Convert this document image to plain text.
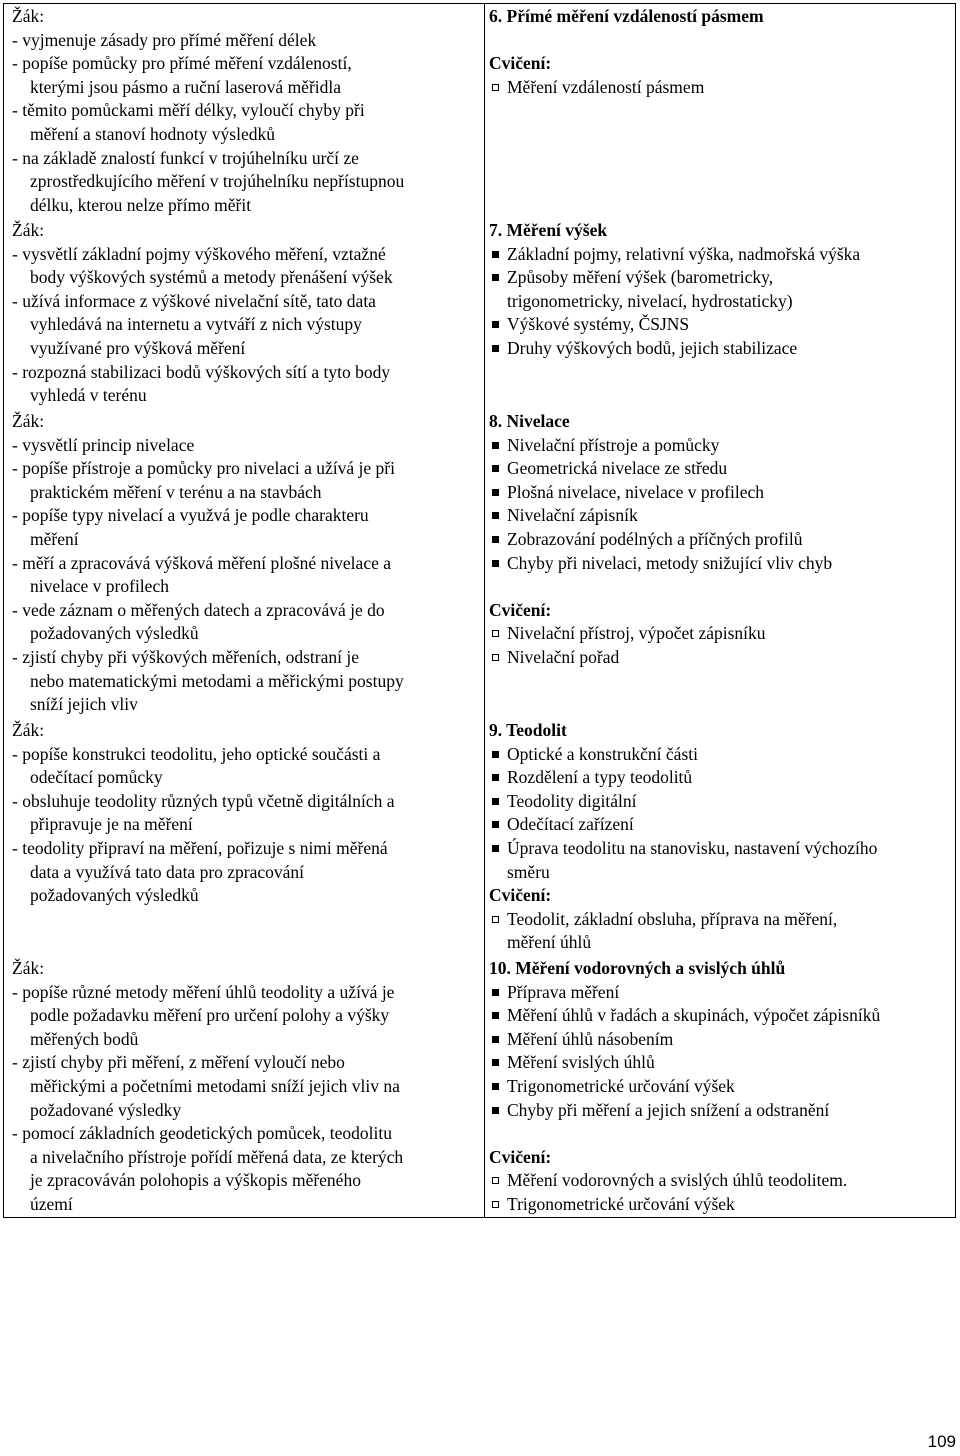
Žák:
- vyjmenuje zásady pro přímé měření délek
- popíše pomůcky pro přímé měření vzdáleností,
kterými jsou pásmo a ruční laserová měřidla
- těmito pomůckami měří délky, vyloučí chyby při
měření a stanoví hodnoty výsledků
- na základě znalostí funkcí v trojúhelníku určí ze
zprostředkujícího měření v trojúhelníku nepřístupnou
délku, kterou nelze přímo měřit
Žák:
- vysvětlí základní pojmy výškového měření, vztažné
body výškových systémů a metody přenášení výšek
- užívá informace z výškové nivelační sítě, tato data
vyhledává na internetu a vytváří z nich výstupy
využívané pro výšková měření
- rozpozná stabilizaci bodů výškových sítí a tyto body
vyhledá v terénu
Žák:
- vysvětlí princip nivelace
- popíše přístroje a pomůcky pro nivelaci a užívá je při
praktickém měření v terénu a na stavbách
- popíše typy nivelací a využvá je podle charakteru
měření
- měří a zpracovává výšková měření plošné nivelace a
nivelace v profilech
- vede záznam o měřených datech a zpracovává je do
požadovaných výsledků
- zjistí chyby při výškových měřeních, odstraní je
nebo matematickými metodami a měřickými postupy
sníží jejich vliv
Žák:
- popíše konstrukci teodolitu, jeho optické součásti a
odečítací pomůcky
- obsluhuje teodolity různých typů včetně digitálních a
připravuje je na měření
- teodolity připraví na měření, pořizuje s nimi měřená
data a využívá tato data pro zpracování
požadovaných výsledků
Žák:
- popíše různé metody měření úhlů teodolity a užívá je
podle požadavku měření pro určení polohy a výšky
měřených bodů
- zjistí chyby při měření, z měření vyloučí nebo
měřickými a početními metodami sníží jejich vliv na
požadované výsledky
- pomocí základních geodetických pomůcek, teodolitu
a nivelačního přístroje pořídí měřená data, ze kterých
je zpracováván polohopis a výškopis měřeného
území
6. Přímé měření vzdáleností pásmem
Cvičení:
Měření vzdáleností pásmem
7. Měření výšek
Základní pojmy, relativní výška, nadmořská výška
Způsoby měření výšek (barometricky,
trigonometricky, nivelací, hydrostaticky)
Výškové systémy, ČSJNS
Druhy výškových bodů, jejich stabilizace
8. Nivelace
Nivelační přístroje a pomůcky
Geometrická nivelace ze středu
Plošná nivelace, nivelace v profilech
Nivelační zápisník
Zobrazování podélných a příčných profilů
Chyby při nivelaci, metody snižující vliv chyb
Cvičení:
Nivelační přístroj, výpočet zápisníku
Nivelační pořad
9. Teodolit
Optické a konstrukční části
Rozdělení a typy teodolitů
Teodolity digitální
Odečítací zařízení
Úprava teodolitu na stanovisku, nastavení výchozího
směru
Cvičení:
Teodolit, základní obsluha, příprava na měření,
měření úhlů
10. Měření vodorovných a svislých úhlů
Příprava měření
Měření úhlů v řadách a skupinách, výpočet zápisníků
Měření úhlů násobením
Měření svislých úhlů
Trigonometrické určování výšek
Chyby při měření a jejich snížení a odstranění
Cvičení:
Měření vodorovných a svislých úhlů teodolitem.
Trigonometrické určování výšek
109
